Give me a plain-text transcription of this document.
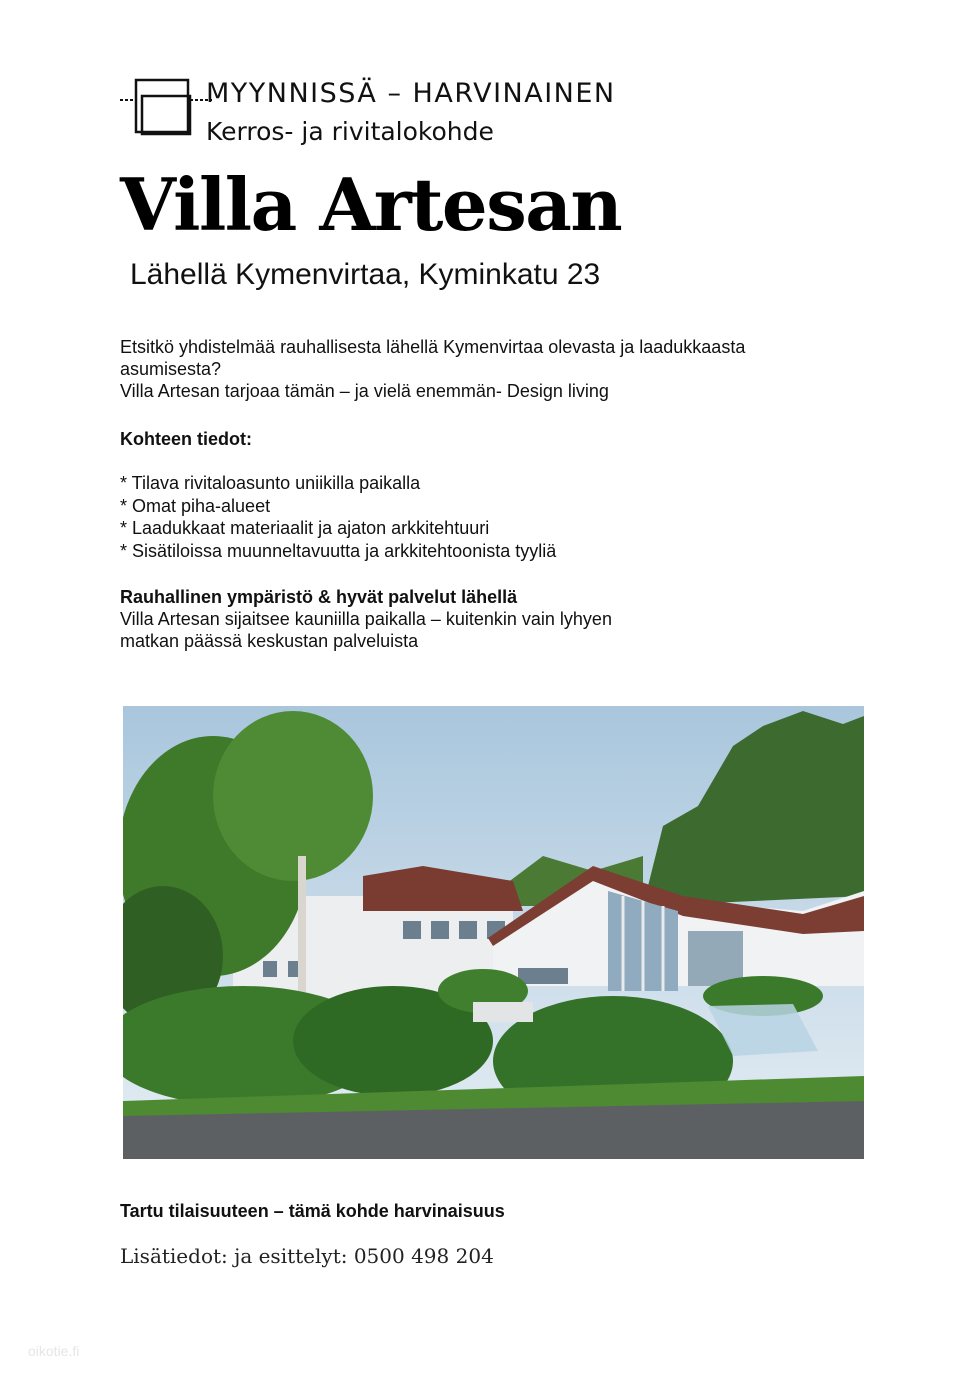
MYYNNISSÄ – HARVINAINEN
Kerros- ja rivitalokohde
Villa Artesan
Lähellä Kymenvirtaa, Kyminkatu 23
Etsitkö yhdistelmää rauhallisesta lähellä Kymenvirtaa olevasta ja laadukkaasta
asumisesta?
Villa Artesan tarjoaa tämän – ja vielä enemmän- Design living
Kohteen tiedot:
* Tilava rivitaloasunto uniikilla paikalla
* Omat piha-alueet
* Laadukkaat materiaalit ja ajaton arkkitehtuuri
* Sisätiloissa muunneltavuutta ja arkkitehtoonista tyyliä
Rauhallinen ympäristö & hyvät palvelut lähellä
Villa Artesan sijaitsee kauniilla paikalla – kuitenkin vain lyhyen
matkan päässä keskustan palveluista
Tartu tilaisuuteen – tämä kohde harvinaisuus
Lisätiedot: ja esittelyt: 0500 498 204
oikotie.fi
